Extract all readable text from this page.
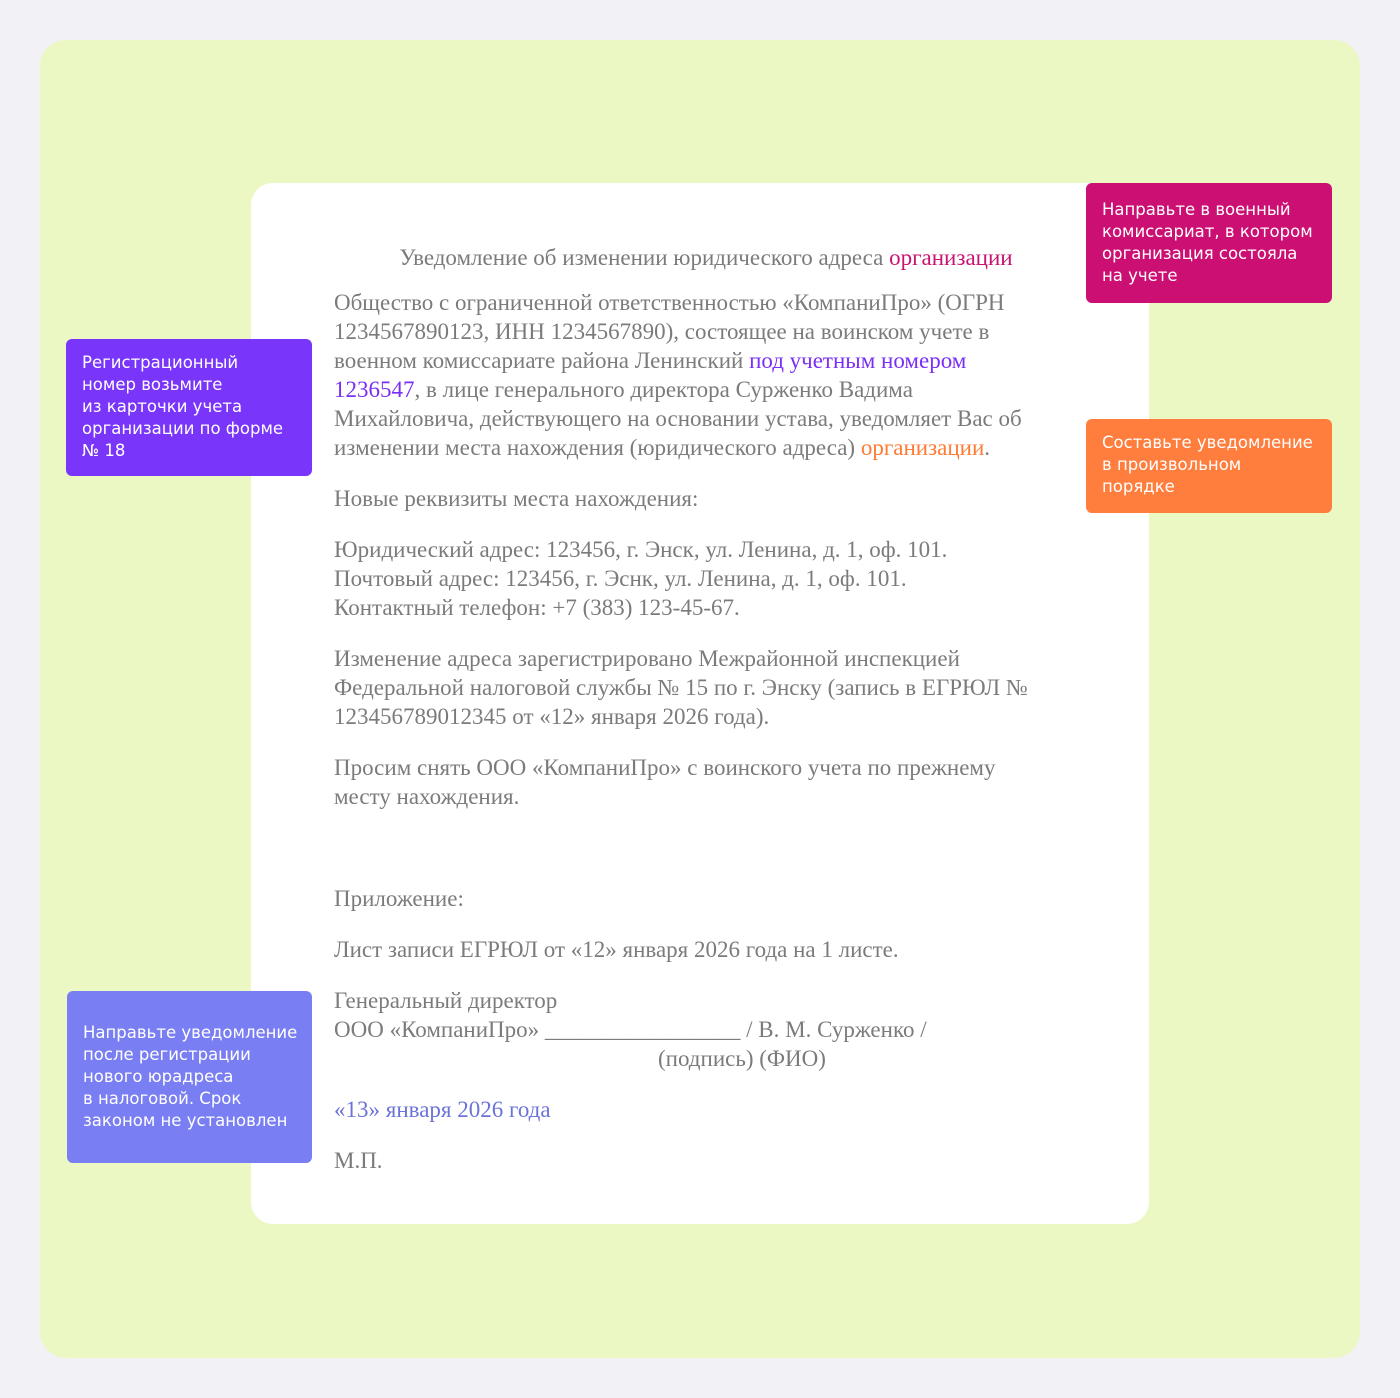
Уведомление об изменении юридического адреса организации
Общество с ограниченной ответственностью «КомпаниПро» (ОГРН
1234567890123, ИНН 1234567890), состоящее на воинском учете в
военном комиссариате района Ленинский под учетным номером
1236547, в лице генерального директора Сурженко Вадима
Михайловича, действующего на основании устава, уведомляет Вас об
изменении места нахождения (юридического адреса) организации.
Новые реквизиты места нахождения:
Юридический адрес: 123456, г. Энск, ул. Ленина, д. 1, оф. 101.
Почтовый адрес: 123456, г. Эснк, ул. Ленина, д. 1, оф. 101.
Контактный телефон: +7 (383) 123-45-67.
Изменение адреса зарегистрировано Межрайонной инспекцией
Федеральной налоговой службы № 15 по г. Энску (запись в ЕГРЮЛ №
123456789012345 от «12» января 2026 года).
Просим снять ООО «КомпаниПро» с воинского учета по прежнему
месту нахождения.
Приложение:
Лист записи ЕГРЮЛ от «12» января 2026 года на 1 листе.
Генеральный директор
ООО «КомпаниПро» _________________ / В. М. Сурженко /
(подпись) (ФИО)
«13» января 2026 года
М.П.
Регистрационный
номер возьмите
из карточки учета
организации по форме
№ 18
Направьте уведомление
после регистрации
нового юрадреса
в налоговой. Срок
законом не установлен
Направьте в военный
комиссариат, в котором
организация состояла
на учете
Составьте уведомление
в произвольном
порядке
